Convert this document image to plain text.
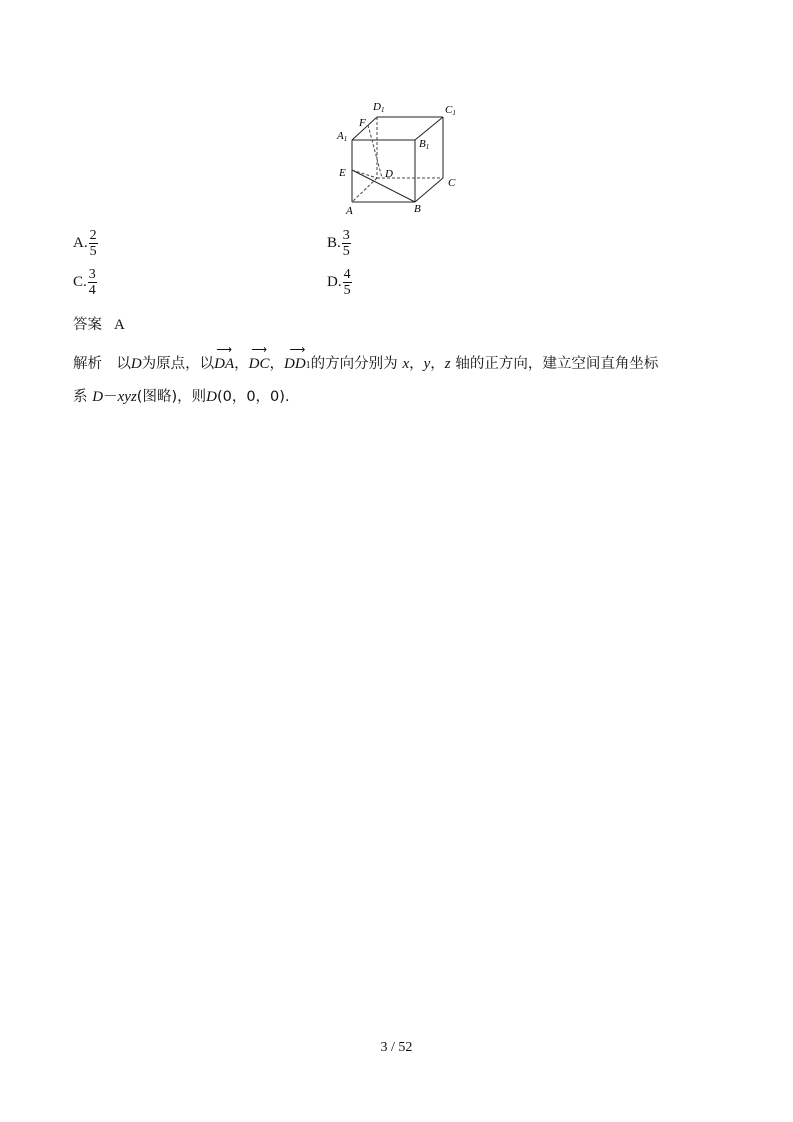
D1	C1
A1	B1
F
E	D
C
A	B
A. $\frac{2}{5}$	B. $\frac{3}{5}$
C. $\frac{3}{4}$	D. $\frac{4}{5}$
答案 A
解析 以D为原点，以
⟶
DA，
⟶
DC，
⟶
DD1的方向分别为 x，y，z 轴的正方向，建立空间直角坐标
系 D－xyz(图略)，则D(0，0，0).
3 / 52
